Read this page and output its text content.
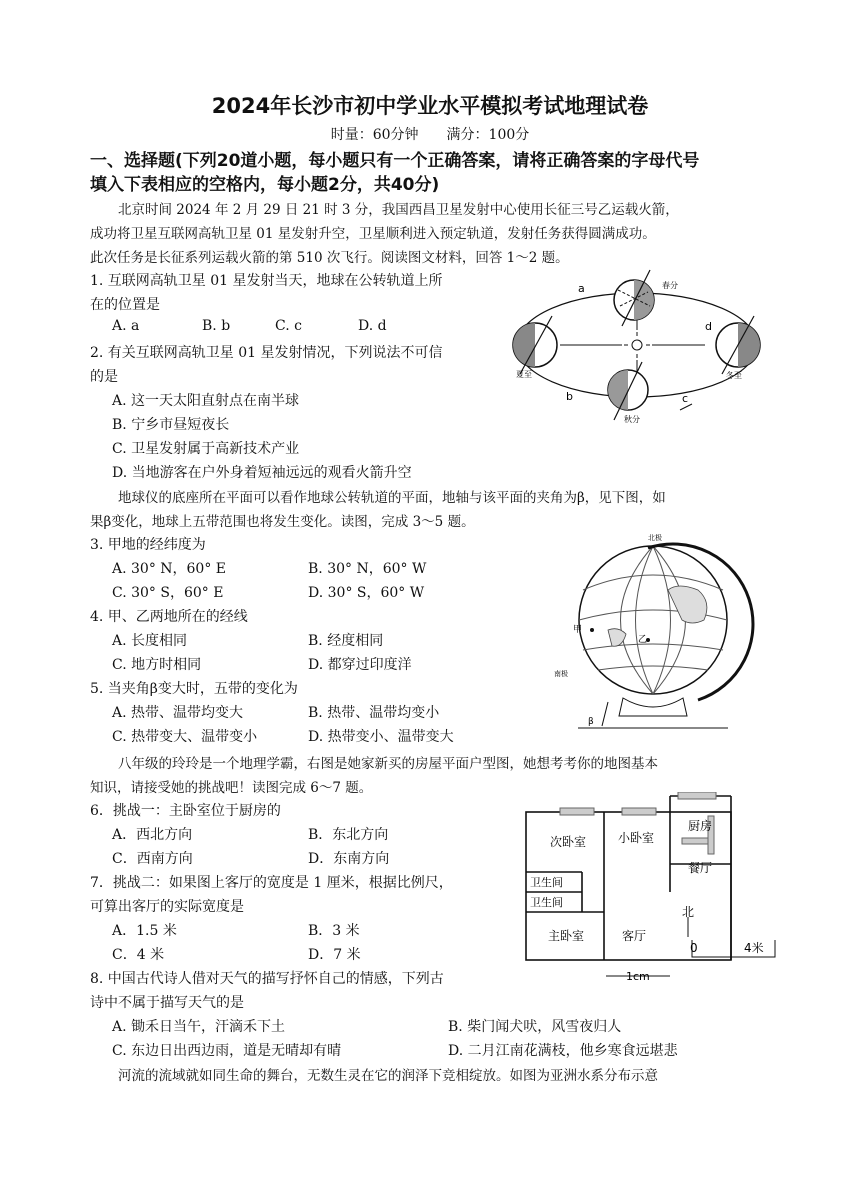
2024年长沙市初中学业水平模拟考试地理试卷
时量：60分钟　　满分：100分
一、选择题(下列20道小题，每小题只有一个正确答案，请将正确答案的字母代号
填入下表相应的空格内，每小题2分，共40分)
北京时间 2024 年 2 月 29 日 21 时 3 分，我国西昌卫星发射中心使用长征三号乙运载火箭，
成功将卫星互联网高轨卫星 01 星发射升空，卫星顺利进入预定轨道，发射任务获得圆满成功。
此次任务是长征系列运载火箭的第 510 次飞行。阅读图文材料，回答 1～2 题。
1. 互联网高轨卫星 01 星发射当天，地球在公转轨道上所
在的位置是
A. a	B. b	C. c	D. d
2. 有关互联网高轨卫星 01 星发射情况，下列说法不可信
的是
A. 这一天太阳直射点在南半球
B. 宁乡市昼短夜长
C. 卫星发射属于高新技术产业
D. 当地游客在户外身着短袖远远的观看火箭升空
a
b	c
d
春分
夏至	冬至
秋分
地球仪的底座所在平面可以看作地球公转轨道的平面，地轴与该平面的夹角为β，见下图，如
果β变化，地球上五带范围也将发生变化。读图，完成 3～5 题。
3. 甲地的经纬度为
A. 30° N，60° E	B. 30° N，60° W
C. 30° S，60° E	D. 30° S，60° W
4. 甲、乙两地所在的经线
A. 长度相同	B. 经度相同
C. 地方时相同	D. 都穿过印度洋
5. 当夹角β变大时，五带的变化为
A. 热带、温带均变大	B. 热带、温带均变小
C. 热带变大、温带变小	D. 热带变小、温带变大
北极
南极
甲
乙
β
八年级的玲玲是一个地理学霸，右图是她家新买的房屋平面户型图，她想考考你的地图基本
知识，请接受她的挑战吧！读图完成 6～7 题。
6．挑战一：主卧室位于厨房的
A．西北方向	B．东北方向
C．西南方向	D．东南方向
7．挑战二：如果图上客厅的宽度是 1 厘米，根据比例尺，
可算出客厅的实际宽度是
A．1.5 米	B．3 米
C．4 米	D．7 米
次卧室	小卧室
厨房
餐厅
卫生间
卫生间
主卧室	客厅
北
0	4米
1cm
8. 中国古代诗人借对天气的描写抒怀自己的情感，下列古
诗中不属于描写天气的是
A. 锄禾日当午，汗滴禾下土	B. 柴门闻犬吠，风雪夜归人
C. 东边日出西边雨，道是无晴却有晴	D. 二月江南花满枝，他乡寒食远堪悲
河流的流域就如同生命的舞台，无数生灵在它的润泽下竞相绽放。如图为亚洲水系分布示意
